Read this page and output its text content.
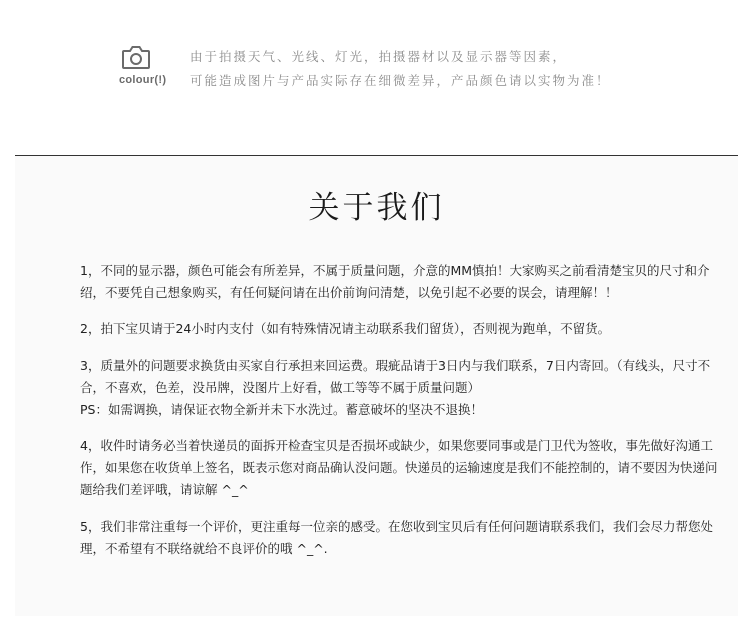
colour(!)
由于拍摄天气、光线、灯光，拍摄器材以及显示器等因素，
可能造成图片与产品实际存在细微差异，产品颜色请以实物为准！
关于我们

1，不同的显示器，颜色可能会有所差异，不属于质量问题，介意的MM慎拍！大家购买之前看清楚宝贝的尺寸和介
绍，不要凭自己想象购买，有任何疑问请在出价前询问清楚，以免引起不必要的误会，请理解！！

2，拍下宝贝请于24小时内支付（如有特殊情况请主动联系我们留货），否则视为跑单，不留货。

3，质量外的问题要求换货由买家自行承担来回运费。瑕疵品请于3日内与我们联系，7日内寄回。（有线头，尺寸不
合，不喜欢，色差，没吊牌，没图片上好看，做工等等不属于质量问题）
PS：如需调换，请保证衣物全新并未下水洗过。蓄意破坏的坚决不退换！

4，收件时请务必当着快递员的面拆开检查宝贝是否损坏或缺少，如果您要同事或是门卫代为签收，事先做好沟通工
作，如果您在收货单上签名，既表示您对商品确认没问题。快递员的运输速度是我们不能控制的，请不要因为快递问
题给我们差评哦，请谅解 ^_^

5，我们非常注重每一个评价，更注重每一位亲的感受。在您收到宝贝后有任何问题请联系我们，我们会尽力帮您处
理，不希望有不联络就给不良评价的哦 ^_^.
